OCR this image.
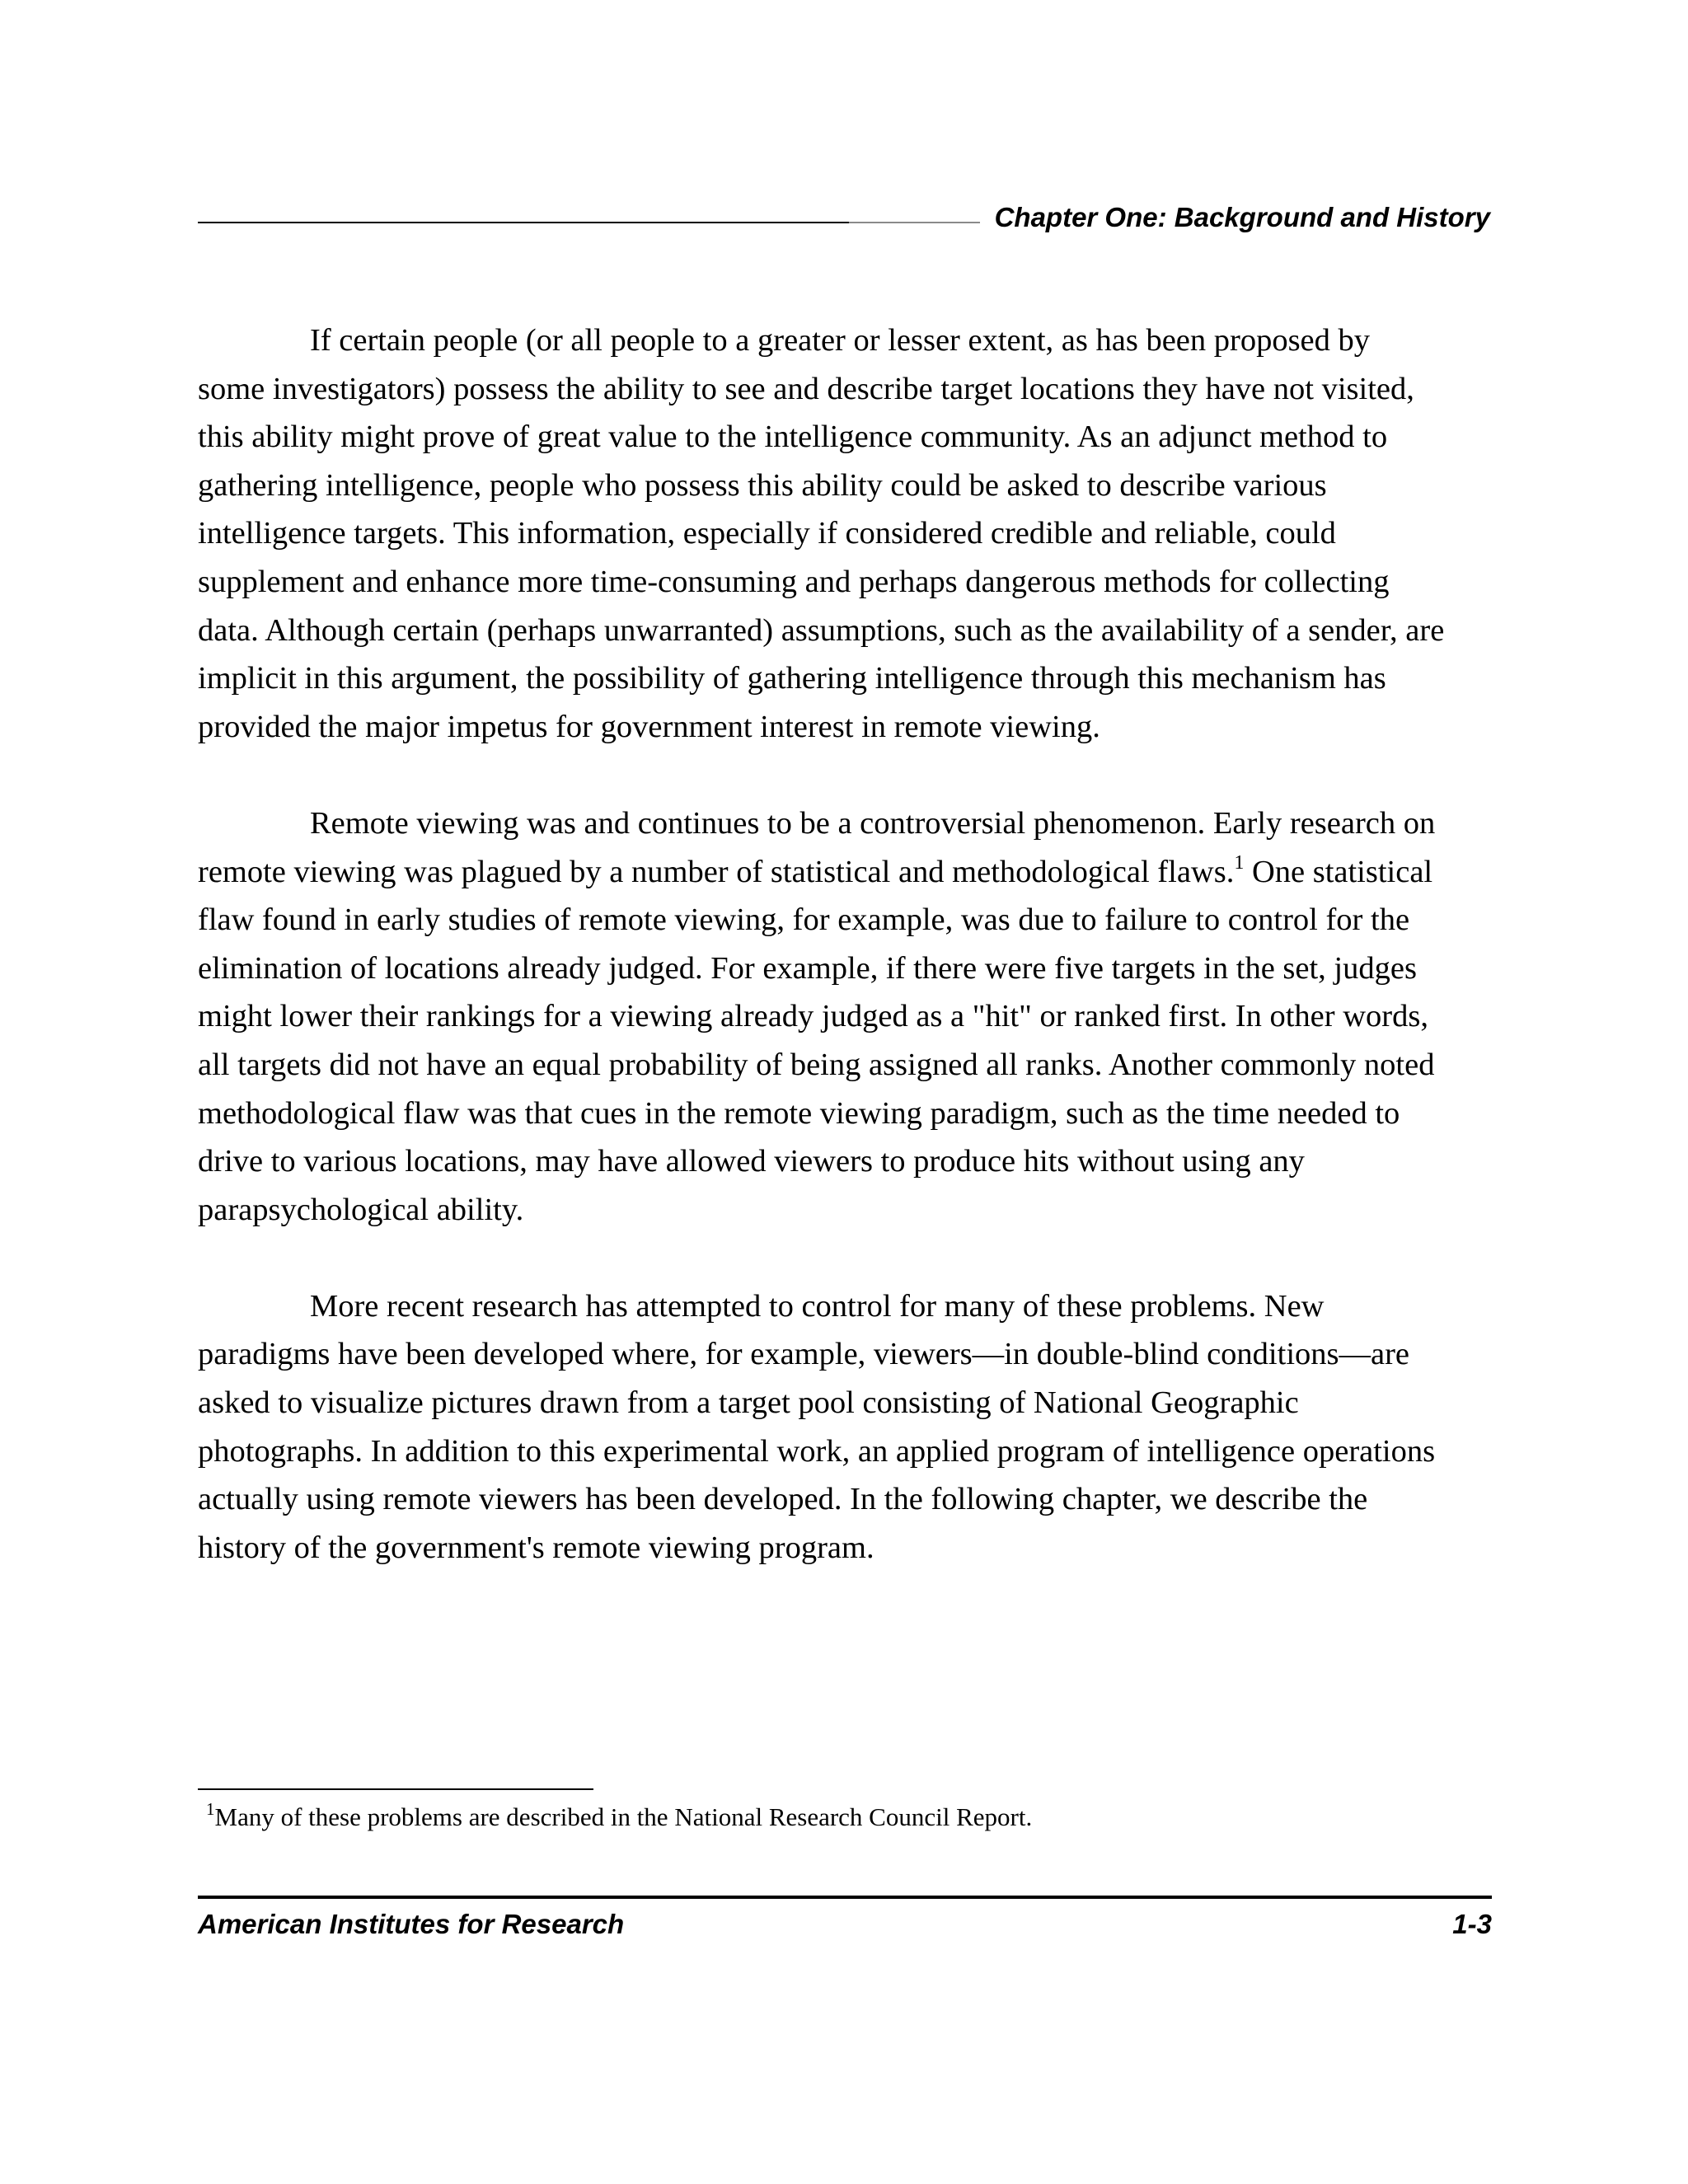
Chapter One: Background and History

If certain people (or all people to a greater or lesser extent, as has been proposed by
some investigators) possess the ability to see and describe target locations they have not visited,
this ability might prove of great value to the intelligence community. As an adjunct method to
gathering intelligence, people who possess this ability could be asked to describe various
intelligence targets. This information, especially if considered credible and reliable, could
supplement and enhance more time-consuming and perhaps dangerous methods for collecting
data. Although certain (perhaps unwarranted) assumptions, such as the availability of a sender, are
implicit in this argument, the possibility of gathering intelligence through this mechanism has
provided the major impetus for government interest in remote viewing.

Remote viewing was and continues to be a controversial phenomenon. Early research on
remote viewing was plagued by a number of statistical and methodological flaws.$^1$ One statistical
flaw found in early studies of remote viewing, for example, was due to failure to control for the
elimination of locations already judged. For example, if there were five targets in the set, judges
might lower their rankings for a viewing already judged as a "hit" or ranked first. In other words,
all targets did not have an equal probability of being assigned all ranks. Another commonly noted
methodological flaw was that cues in the remote viewing paradigm, such as the time needed to
drive to various locations, may have allowed viewers to produce hits without using any
parapsychological ability.

More recent research has attempted to control for many of these problems. New
paradigms have been developed where, for example, viewers—in double-blind conditions—are
asked to visualize pictures drawn from a target pool consisting of National Geographic
photographs. In addition to this experimental work, an applied program of intelligence operations
actually using remote viewers has been developed. In the following chapter, we describe the
history of the government's remote viewing program.

$^1$Many of these problems are described in the National Research Council Report.
American Institutes for Research	1-3
